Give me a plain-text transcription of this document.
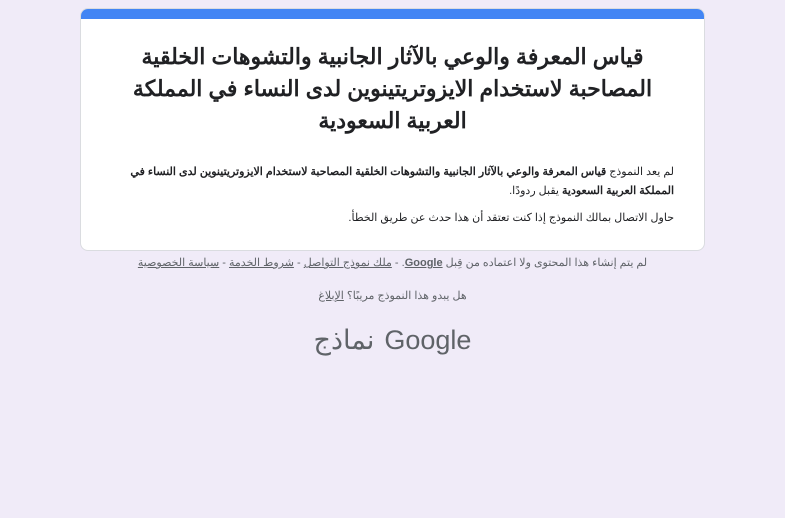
قياس المعرفة والوعي بالآثار الجانبية والتشوهات الخلقية المصاحبة لاستخدام الايزوتريتينوين لدى النساء في المملكة العربية السعودية

لم يعد النموذج قياس المعرفة والوعي بالآثار الجانبية والتشوهات الخلقية المصاحبة لاستخدام الايزوتريتينوين لدى النساء في المملكة العربية السعودية يقبل ردودًا.

حاول الاتصال بمالك النموذج إذا كنت تعتقد أن هذا حدث عن طريق الخطأ.

لم يتم إنشاء هذا المحتوى ولا اعتماده من قِبل Google. - ملك نموذج التواصل - شروط الخدمة - سياسة الخصوصية
هل يبدو هذا النموذج مريبًا؟ الإبلاغ
Googleنماذج
